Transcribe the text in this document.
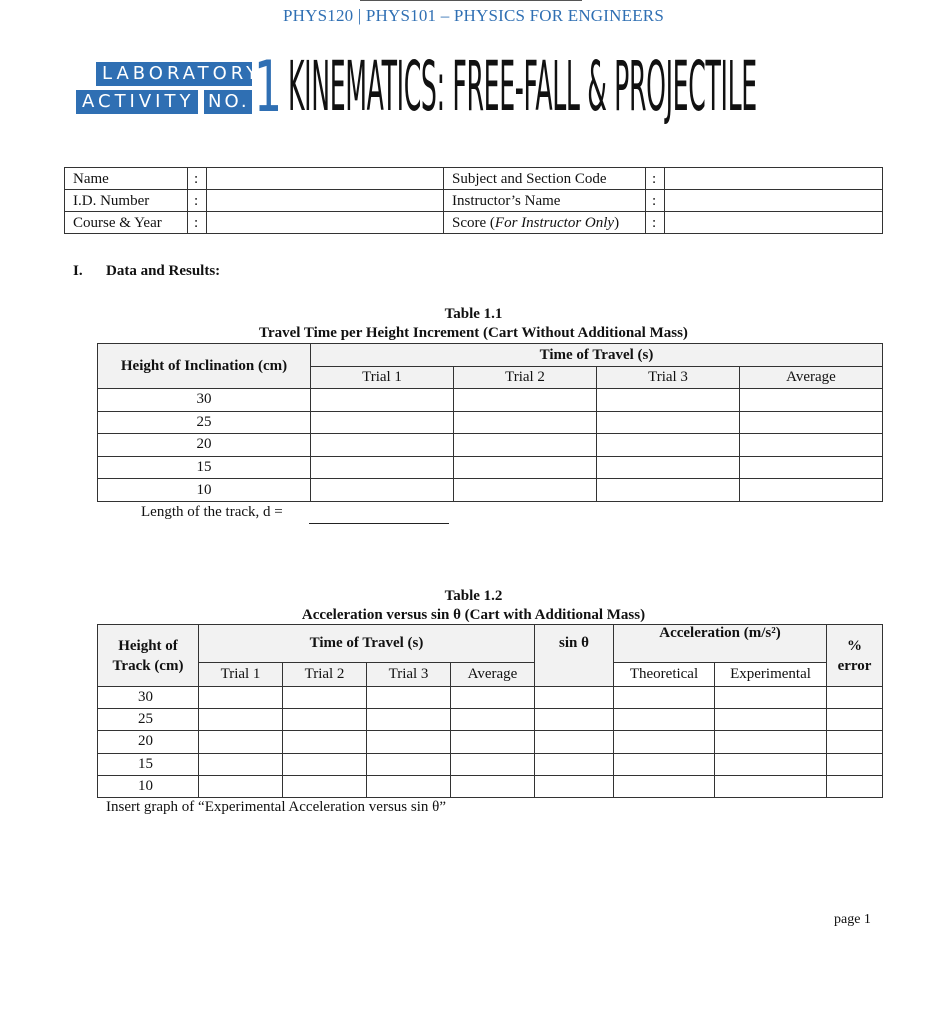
PHYS120 | PHYS101 – PHYSICS FOR ENGINEERS
LABORATORY
ACTIVITY NO. 1 KINEMATICS: FREE-FALL & PROJECTILE
Name	:		Subject and Section Code	:	
I.D. Number	:		Instructor’s Name	:	
Course & Year	:		Score (For Instructor Only)	:	
I. Data and Results:
Table 1.1
Travel Time per Height Increment (Cart Without Additional Mass)
Height of Inclination (cm)	Time of Travel (s)			
	Trial 1	Trial 2	Trial 3	Average
30				
25				
20				
15				
10				
Length of the track, d =
Table 1.2
Acceleration versus sin θ (Cart with Additional Mass)
Height of
Track (cm)	Time of Travel (s)				sin θ	Acceleration (m/s²)		%
error
	Trial 1	Trial 2	Trial 3	Average		Theoretical	Experimental	
30								
25								
20								
15								
10								
Insert graph of “Experimental Acceleration versus sin θ”
page 1
